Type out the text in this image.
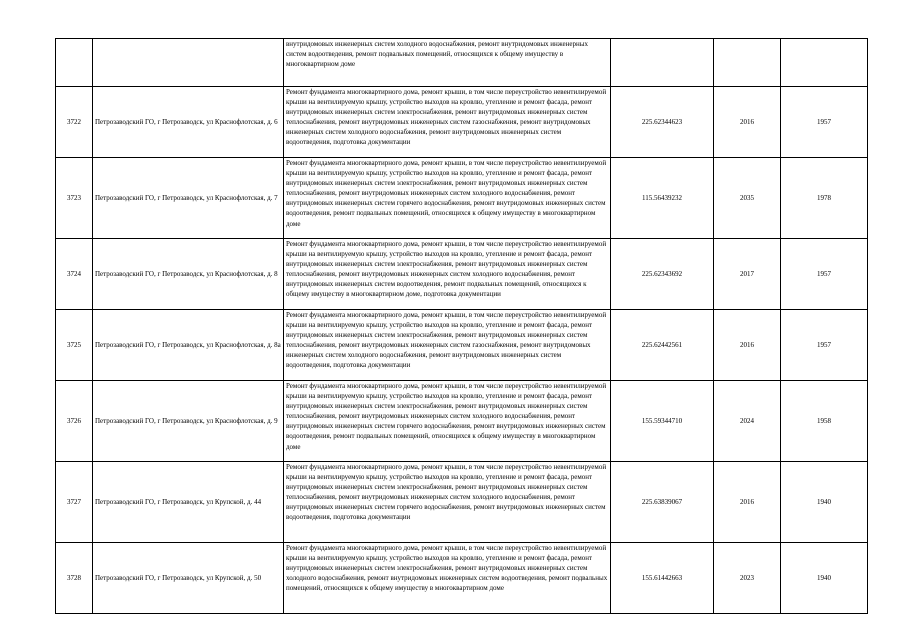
		внутридомовых инженерных систем холодного водоснабжения, ремонт внутридомовых инженерных систем водоотведения, ремонт подвальных помещений, относящихся к общему имуществу в многоквартирном доме			
3722	Петрозаводский ГО, г Петрозаводск, ул Краснофлотская, д. 6	Ремонт фундамента многоквартирного дома, ремонт крыши, в том числе переустройство невентилируемой крыши на вентилируемую крышу, устройство выходов на кровлю, утепление и ремонт фасада, ремонт внутридомовых инженерных систем электроснабжения, ремонт внутридомовых инженерных систем теплоснабжения, ремонт внутридомовых инженерных систем газоснабжения, ремонт внутридомовых инженерных систем холодного водоснабжения, ремонт внутридомовых инженерных систем водоотведения, подготовка документации	225.62344623	2016	1957
3723	Петрозаводский ГО, г Петрозаводск, ул Краснофлотская, д. 7	Ремонт фундамента многоквартирного дома, ремонт крыши, в том числе переустройство невентилируемой крыши на вентилируемую крышу, устройство выходов на кровлю, утепление и ремонт фасада, ремонт внутридомовых инженерных систем электроснабжения, ремонт внутридомовых инженерных систем теплоснабжения, ремонт внутридомовых инженерных систем холодного водоснабжения, ремонт внутридомовых инженерных систем горячего водоснабжения, ремонт внутридомовых инженерных систем водоотведения, ремонт подвальных помещений, относящихся к общему имуществу в многоквартирном доме	115.56439232	2035	1978
3724	Петрозаводский ГО, г Петрозаводск, ул Краснофлотская, д. 8	Ремонт фундамента многоквартирного дома, ремонт крыши, в том числе переустройство невентилируемой крыши на вентилируемую крышу, устройство выходов на кровлю, утепление и ремонт фасада, ремонт внутридомовых инженерных систем электроснабжения, ремонт внутридомовых инженерных систем теплоснабжения, ремонт внутридомовых инженерных систем холодного водоснабжения, ремонт внутридомовых инженерных систем водоотведения, ремонт подвальных помещений, относящихся к общему имуществу в многоквартирном доме, подготовка документации	225.62343692	2017	1957
3725	Петрозаводский ГО, г Петрозаводск, ул Краснофлотская, д. 8а	Ремонт фундамента многоквартирного дома, ремонт крыши, в том числе переустройство невентилируемой крыши на вентилируемую крышу, устройство выходов на кровлю, утепление и ремонт фасада, ремонт внутридомовых инженерных систем электроснабжения, ремонт внутридомовых инженерных систем теплоснабжения, ремонт внутридомовых инженерных систем газоснабжения, ремонт внутридомовых инженерных систем холодного водоснабжения, ремонт внутридомовых инженерных систем водоотведения, подготовка документации	225.62442561	2016	1957
3726	Петрозаводский ГО, г Петрозаводск, ул Краснофлотская, д. 9	Ремонт фундамента многоквартирного дома, ремонт крыши, в том числе переустройство невентилируемой крыши на вентилируемую крышу, устройство выходов на кровлю, утепление и ремонт фасада, ремонт внутридомовых инженерных систем электроснабжения, ремонт внутридомовых инженерных систем теплоснабжения, ремонт внутридомовых инженерных систем холодного водоснабжения, ремонт внутридомовых инженерных систем горячего водоснабжения, ремонт внутридомовых инженерных систем водоотведения, ремонт подвальных помещений, относящихся к общему имуществу в многоквартирном доме	155.59344710	2024	1958
3727	Петрозаводский ГО, г Петрозаводск, ул Крупской, д. 44	Ремонт фундамента многоквартирного дома, ремонт крыши, в том числе переустройство невентилируемой крыши на вентилируемую крышу, устройство выходов на кровлю, утепление и ремонт фасада, ремонт внутридомовых инженерных систем электроснабжения, ремонт внутридомовых инженерных систем теплоснабжения, ремонт внутридомовых инженерных систем холодного водоснабжения, ремонт внутридомовых инженерных систем горячего водоснабжения, ремонт внутридомовых инженерных систем водоотведения, подготовка документации	225.63839067	2016	1940
3728	Петрозаводский ГО, г Петрозаводск, ул Крупской, д. 50	Ремонт фундамента многоквартирного дома, ремонт крыши, в том числе переустройство невентилируемой крыши на вентилируемую крышу, устройство выходов на кровлю, утепление и ремонт фасада, ремонт внутридомовых инженерных систем электроснабжения, ремонт внутридомовых инженерных систем холодного водоснабжения, ремонт внутридомовых инженерных систем водоотведения, ремонт подвальных помещений, относящихся к общему имуществу в многоквартирном доме	155.61442663	2023	1940
